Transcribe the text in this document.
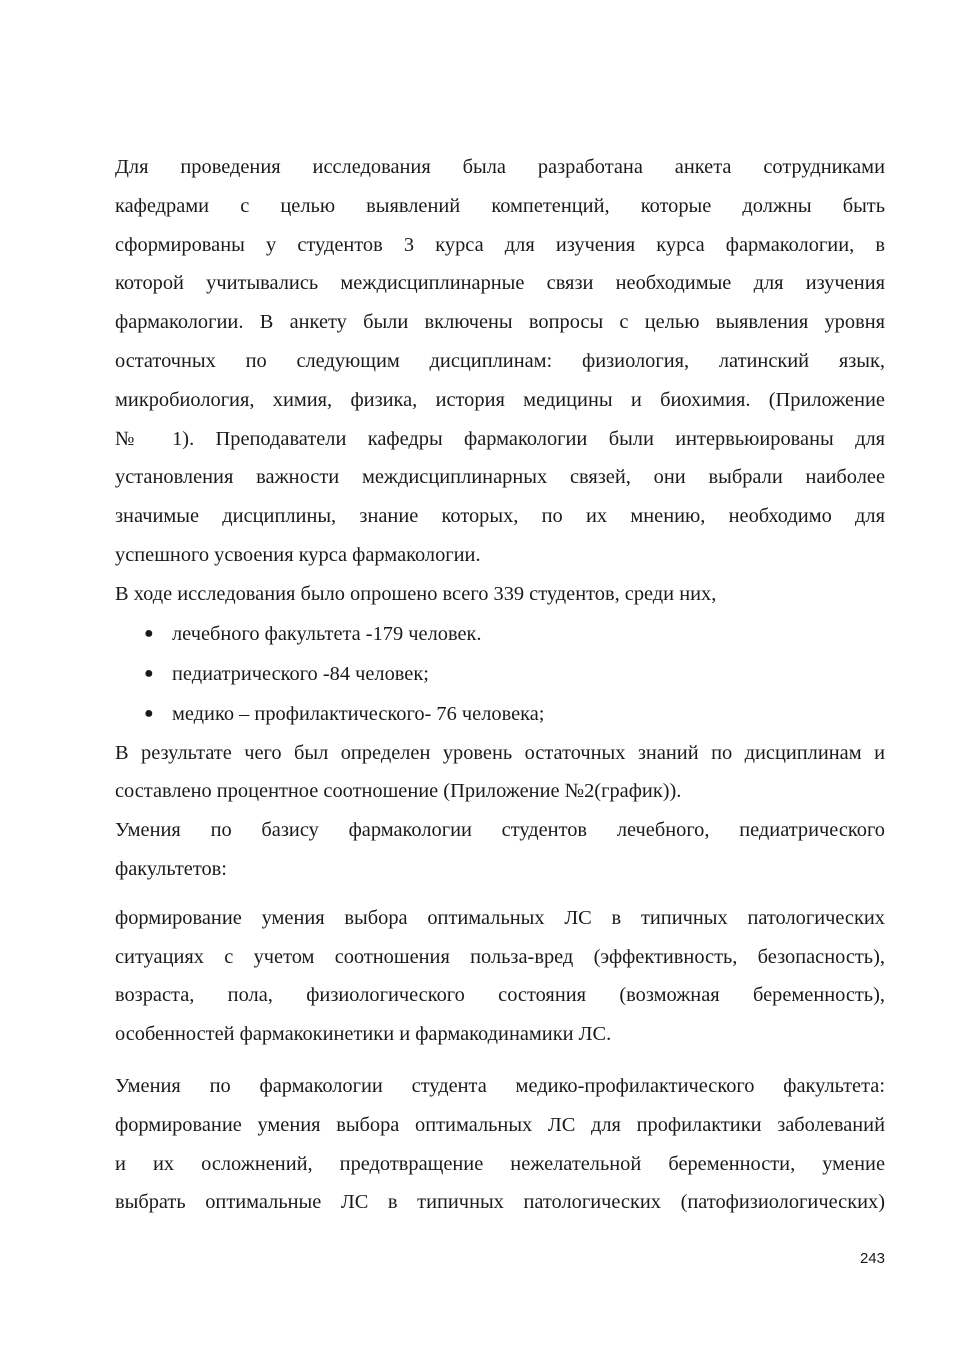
Для проведения исследования была разработана анкета сотрудниками
кафедрами с целью выявлений компетенций, которые должны быть
сформированы у студентов 3 курса для изучения курса фармакологии, в
которой учитывались междисциплинарные связи необходимые для изучения
фармакологии. В анкету были включены вопросы с целью выявления уровня
остаточных по следующим дисциплинам: физиология, латинский язык,
микробиология, химия, физика, история медицины и биохимия. (Приложение
№ 1). Преподаватели кафедры фармакологии были интервьюированы для
установления важности междисциплинарных связей, они выбрали наиболее
значимые дисциплины, знание которых, по их мнению, необходимо для
успешного усвоения курса фармакологии.
В ходе исследования было опрошено всего 339 студентов, среди них,
● лечебного факультета -179 человек.
● педиатрического -84 человек;
● медико – профилактического- 76 человека;
В результате чего был определен уровень остаточных знаний по дисциплинам и
составлено процентное соотношение (Приложение №2(график)).
Умения по базису фармакологии студентов лечебного, педиатрического
факультетов:
формирование умения выбора оптимальных ЛС в типичных патологических
ситуациях с учетом соотношения польза-вред (эффективность, безопасность),
возраста, пола, физиологического состояния (возможная беременность),
особенностей фармакокинетики и фармакодинамики ЛС.
Умения по фармакологии студента медико-профилактического факультета:
формирование умения выбора оптимальных ЛС для профилактики заболеваний
и их осложнений, предотвращение нежелательной беременности, умение
выбрать оптимальные ЛС в типичных патологических (патофизиологических)
243
